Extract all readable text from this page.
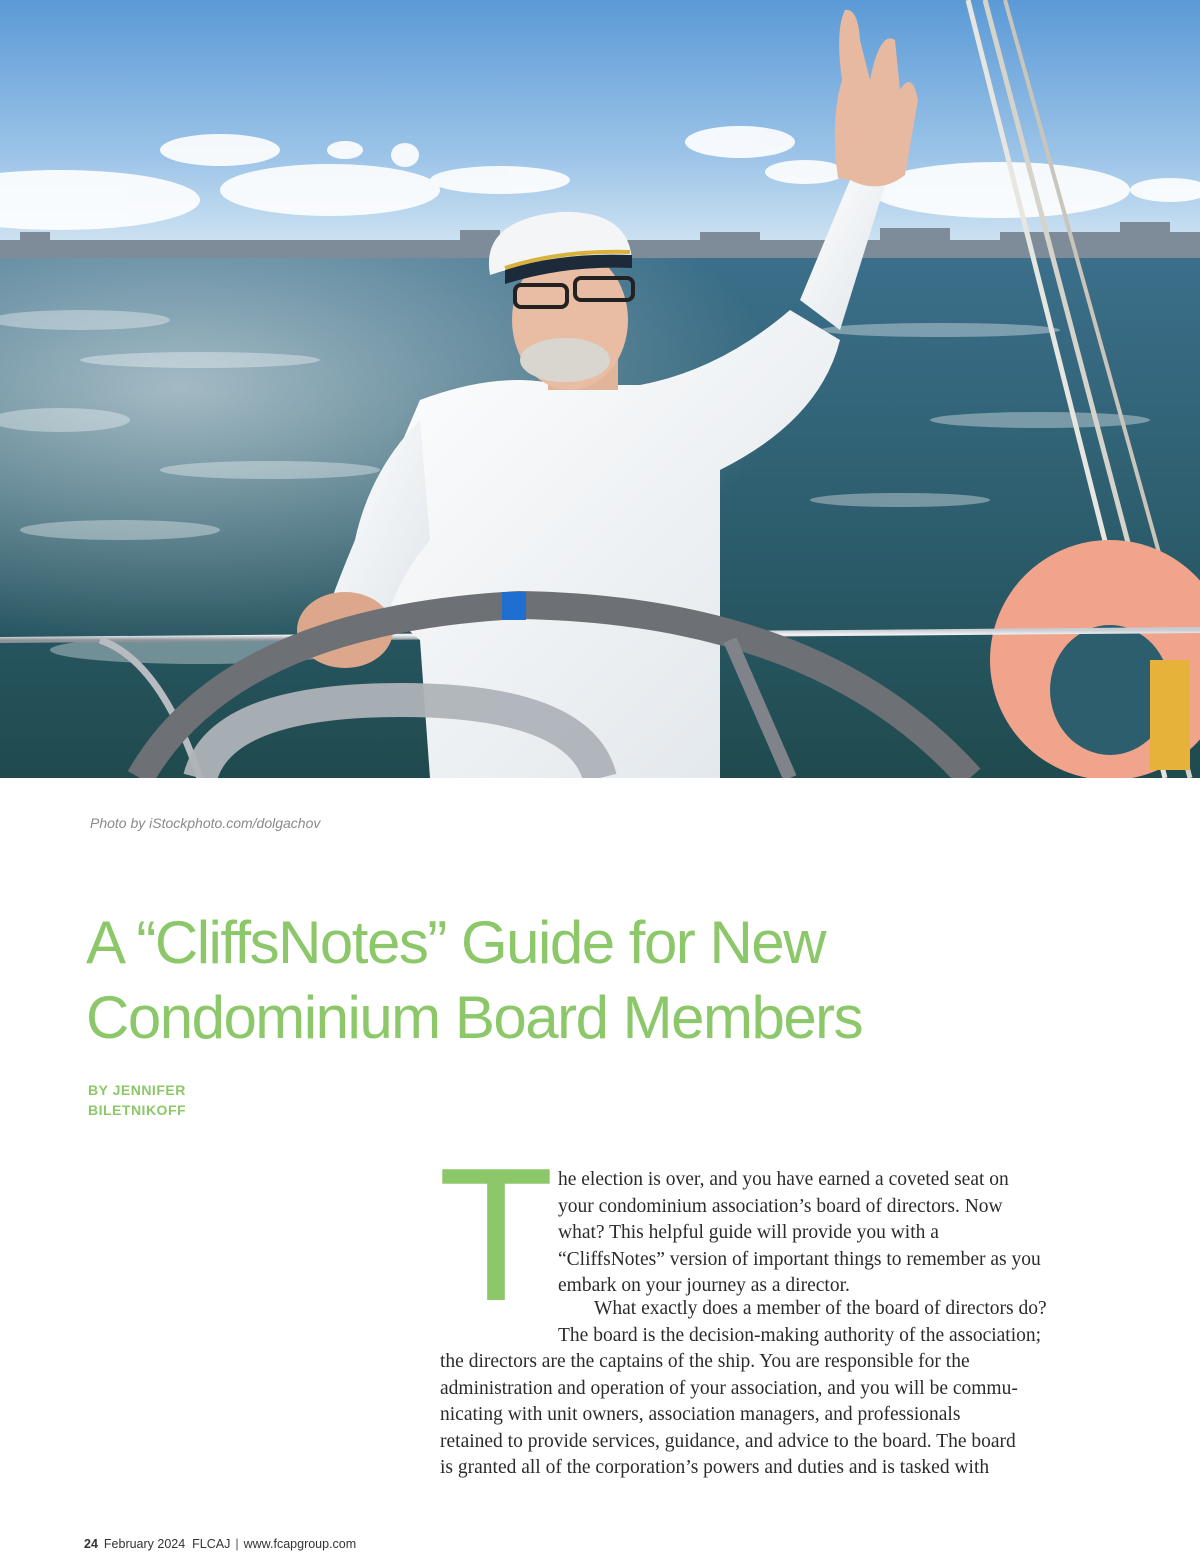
Photo by iStockphoto.com/dolgachov
A “CliffsNotes” Guide for New
Condominium Board Members
BY JENNIFER
BILETNIKOFF
T he election is over, and you have earned a coveted seat on
your condominium association’s board of directors. Now
what? This helpful guide will provide you with a
“CliffsNotes” version of important things to remember as you
embark on your journey as a director.
What exactly does a member of the board of directors do?
The board is the decision-making authority of the association;
the directors are the captains of the ship. You are responsible for the
administration and operation of your association, and you will be commu-
nicating with unit owners, association managers, and professionals
retained to provide services, guidance, and advice to the board. The board
is granted all of the corporation’s powers and duties and is tasked with
24 February 2024 FLCAJ | www.fcapgroup.com
